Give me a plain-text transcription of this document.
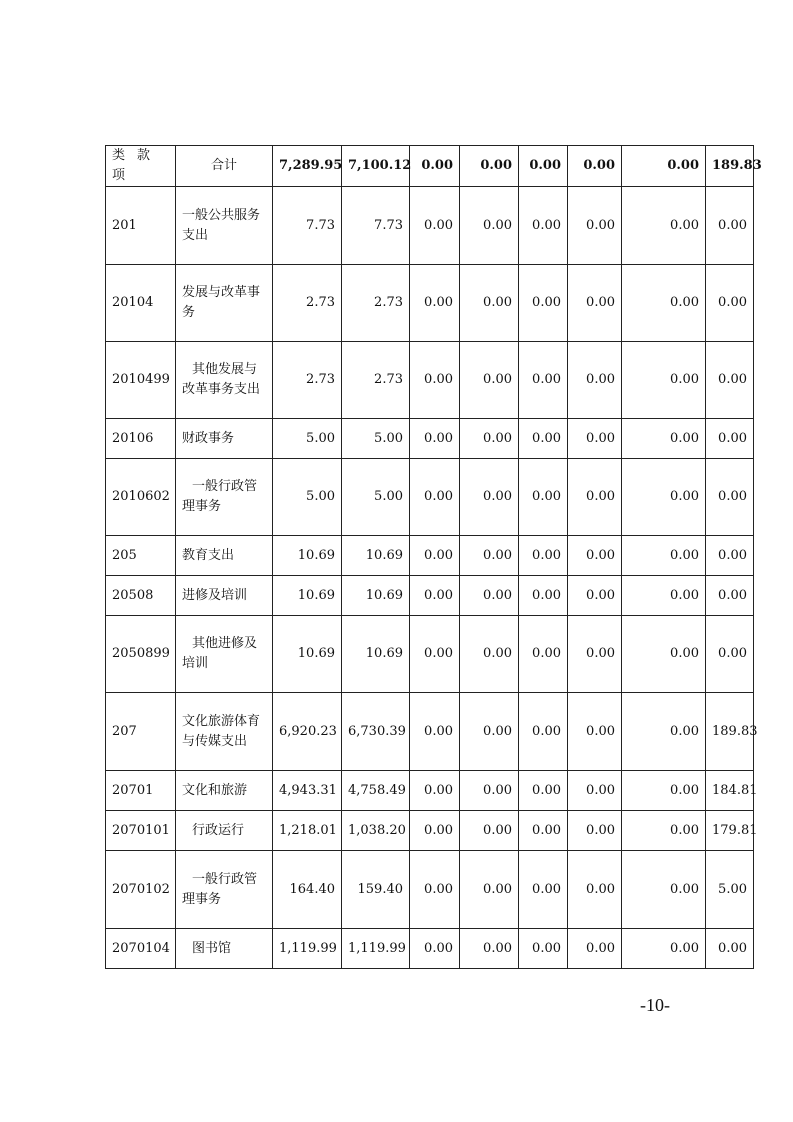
类 款项	合计	7,289.95	7,100.12	0.00	0.00	0.00	0.00	0.00	189.83
201	一般公共服务支出	7.73	7.73	0.00	0.00	0.00	0.00	0.00	0.00
20104	发展与改革事务	2.73	2.73	0.00	0.00	0.00	0.00	0.00	0.00
2010499	其他发展与改革事务支出	2.73	2.73	0.00	0.00	0.00	0.00	0.00	0.00
20106	财政事务	5.00	5.00	0.00	0.00	0.00	0.00	0.00	0.00
2010602	一般行政管理事务	5.00	5.00	0.00	0.00	0.00	0.00	0.00	0.00
205	教育支出	10.69	10.69	0.00	0.00	0.00	0.00	0.00	0.00
20508	进修及培训	10.69	10.69	0.00	0.00	0.00	0.00	0.00	0.00
2050899	其他进修及培训	10.69	10.69	0.00	0.00	0.00	0.00	0.00	0.00
207	文化旅游体育与传媒支出	6,920.23	6,730.39	0.00	0.00	0.00	0.00	0.00	189.83
20701	文化和旅游	4,943.31	4,758.49	0.00	0.00	0.00	0.00	0.00	184.81
2070101	行政运行	1,218.01	1,038.20	0.00	0.00	0.00	0.00	0.00	179.81
2070102	一般行政管理事务	164.40	159.40	0.00	0.00	0.00	0.00	0.00	5.00
2070104	图书馆	1,119.99	1,119.99	0.00	0.00	0.00	0.00	0.00	0.00
-10-
